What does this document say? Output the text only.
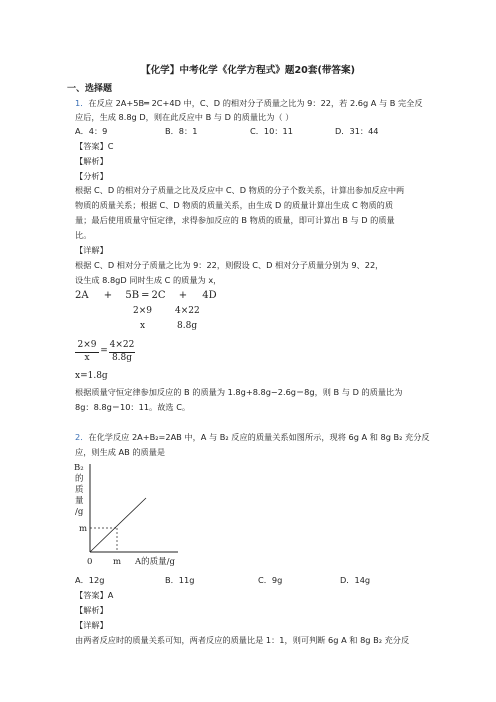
【化学】中考化学《化学方程式》题20套(带答案)
一、选择题
1．在反应 2A+5B═ 2C+4D 中，C、D 的相对分子质量之比为 9：22，若 2.6g A 与 B 完全反
应后，生成 8.8g D，则在此反应中 B 与 D 的质量比为（ ）
A．4：9	B．8：1	C．10：11	D．31：44
【答案】C
【解析】
【分析】
根据 C、D 的相对分子质量之比及反应中 C、D 物质的分子个数关系，计算出参加反应中两
物质的质量关系；根据 C、D 物质的质量关系，由生成 D 的质量计算出生成 C 物质的质
量；最后使用质量守恒定律，求得参加反应的 B 物质的质量，即可计算出 B 与 D 的质量
比。
【详解】
根据 C、D 相对分子质量之比为 9：22，则假设 C、D 相对分子质量分别为 9、22，
设生成 8.8gD 同时生成 C 的质量为 x，
2A + 5B ═ 2C + 4D
2×9	4×22
x	8.8g
2×9
x
=
4×22
8.8g
x=1.8g
根据质量守恒定律参加反应的 B 的质量为 1.8g+8.8g−2.6g＝8g，则 B 与 D 的质量比为
8g：8.8g＝10：11。故选 C。
2．在化学反应 2A+B₂=2AB 中，A 与 B₂ 反应的质量关系如图所示，现将 6g A 和 8g B₂ 充分反
应，则生成 AB 的质量是
B₂
的
质
量
/g
m
0 m A的质量/g
A．12g	B．11g	C．9g	D．14g
【答案】A
【解析】
【详解】
由两者反应时的质量关系可知，两者反应的质量比是 1：1，则可判断 6g A 和 8g B₂ 充分反
